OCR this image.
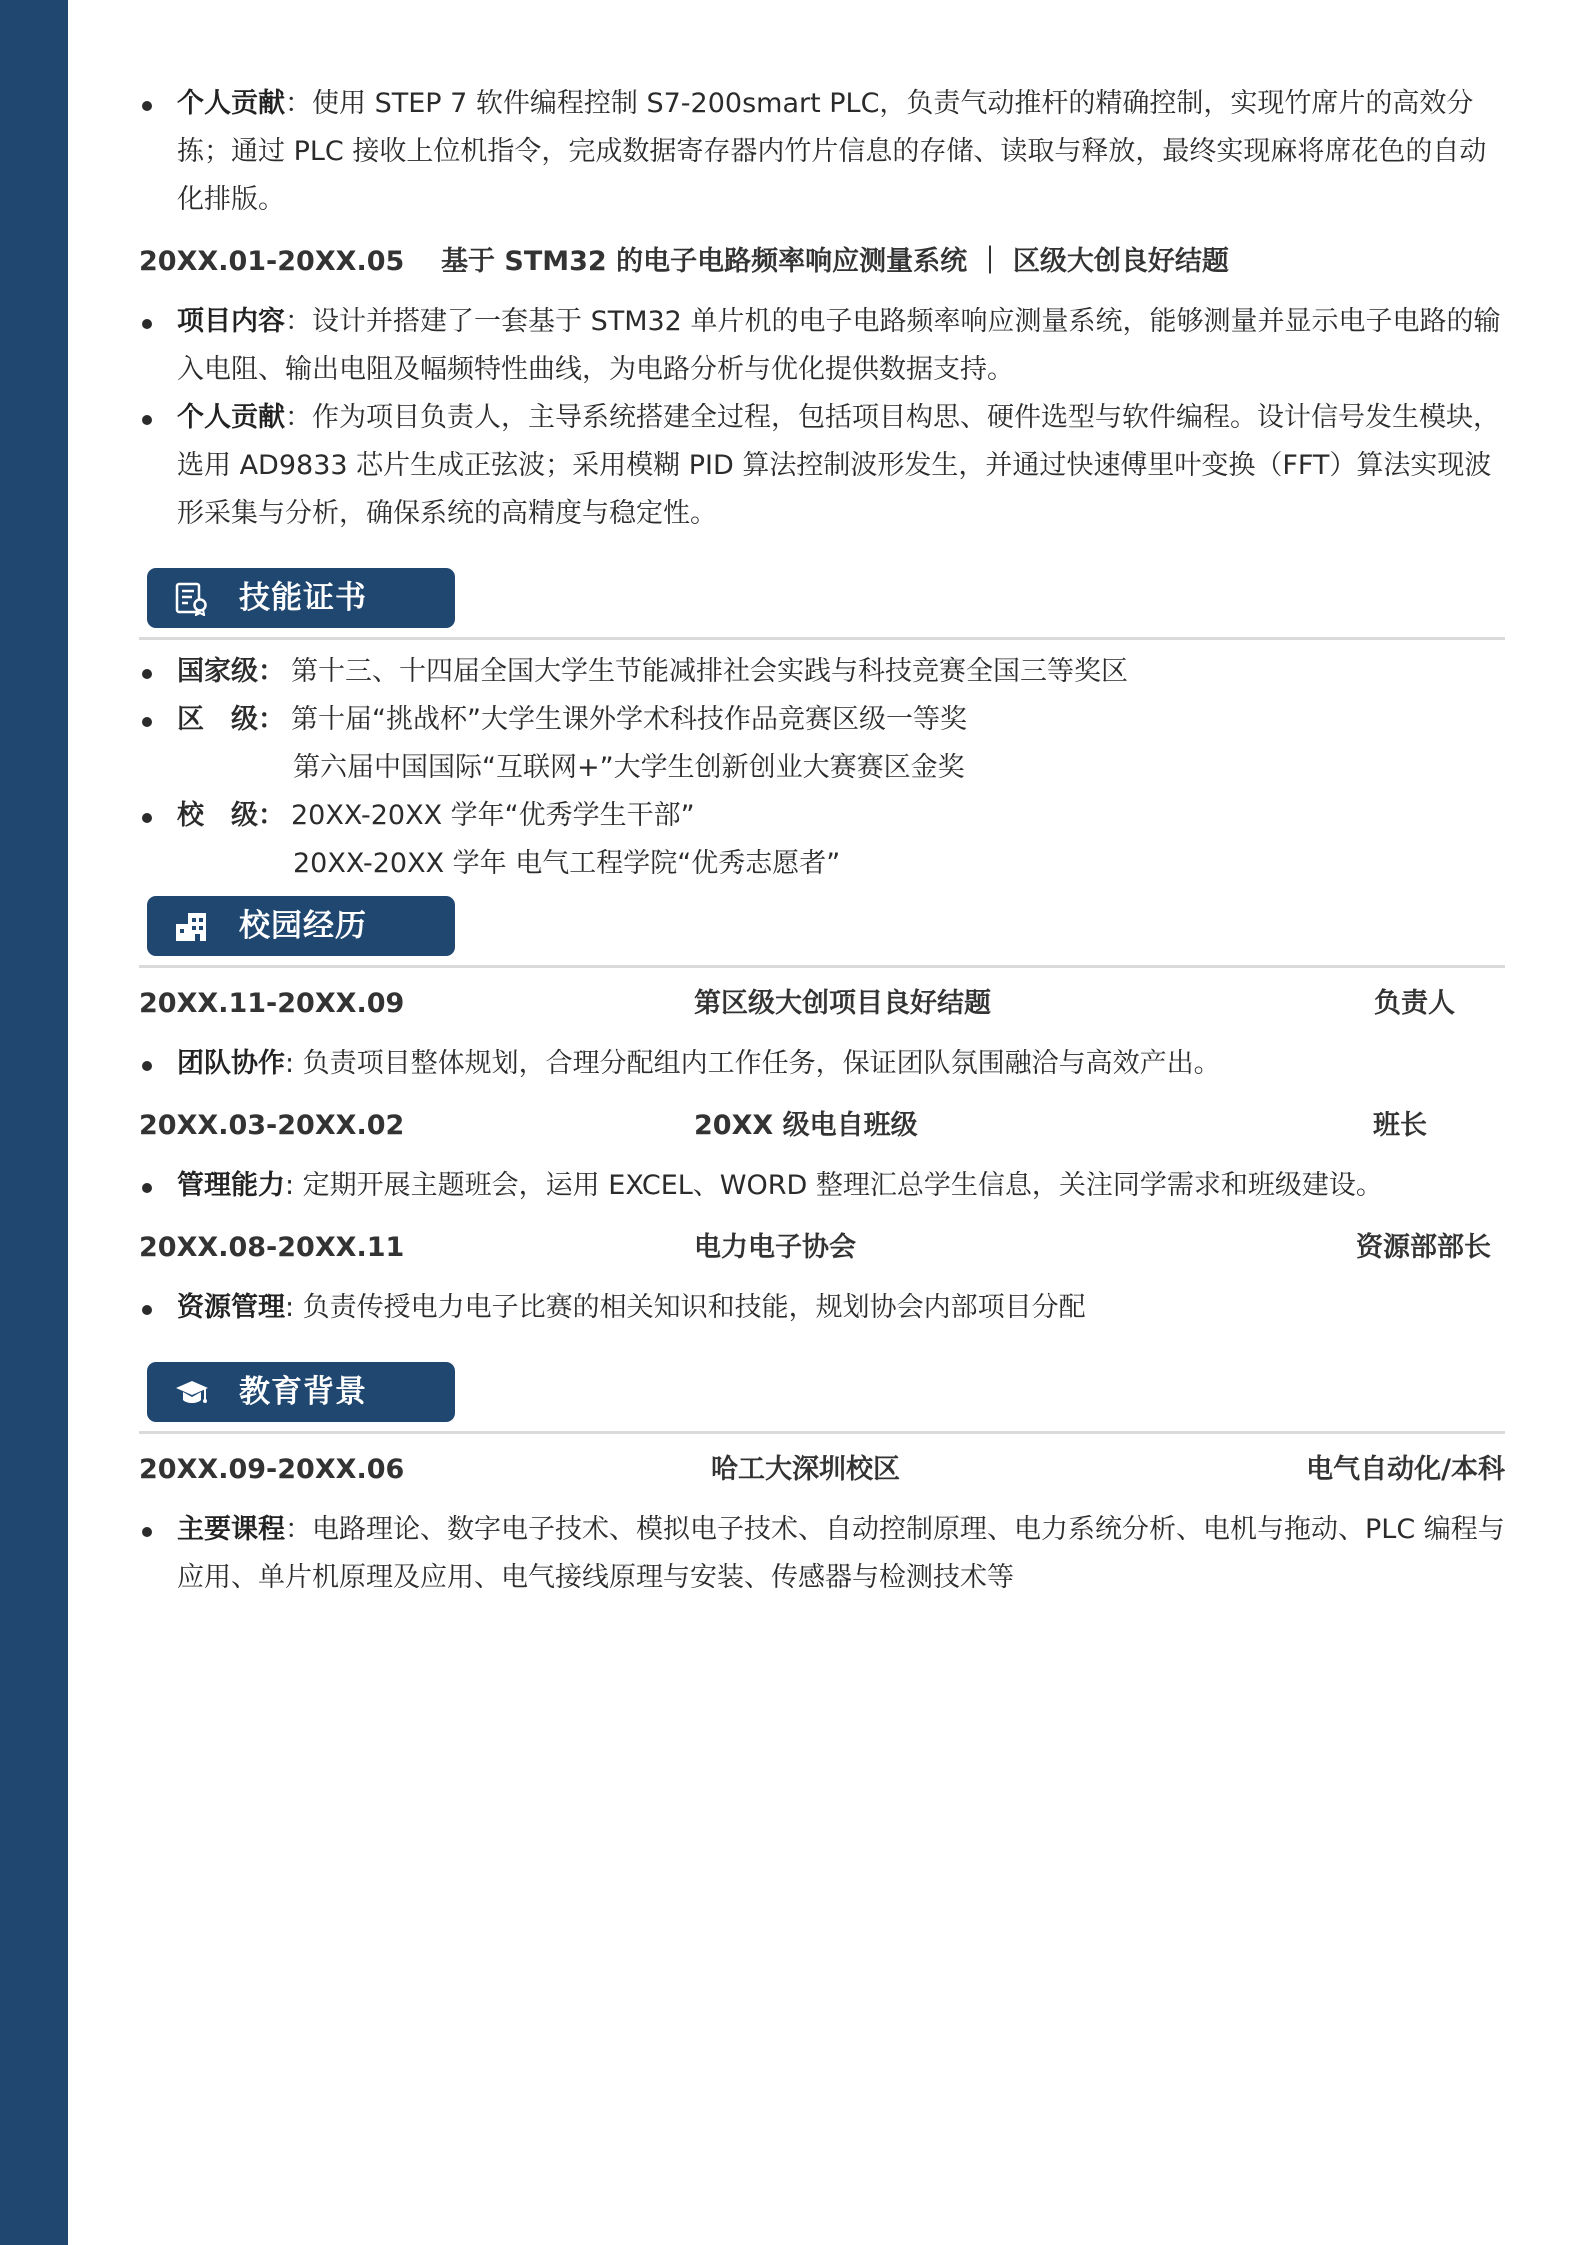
个人贡献：使用 STEP 7 软件编程控制 S7-200smart PLC，负责气动推杆的精确控制，实现竹席片的高效分拣；通过 PLC 接收上位机指令，完成数据寄存器内竹片信息的存储、读取与释放，最终实现麻将席花色的自动化排版。

20XX.01-20XX.05 基于 STM32 的电子电路频率响应测量系统 ｜ 区级大创良好结题

项目内容：设计并搭建了一套基于 STM32 单片机的电子电路频率响应测量系统，能够测量并显示电子电路的输入电阻、输出电阻及幅频特性曲线，为电路分析与优化提供数据支持。

个人贡献：作为项目负责人，主导系统搭建全过程，包括项目构思、硬件选型与软件编程。设计信号发生模块，选用 AD9833 芯片生成正弦波；采用模糊 PID 算法控制波形发生，并通过快速傅里叶变换（FFT）算法实现波形采集与分析，确保系统的高精度与稳定性。

技能证书
国家级： 第十三、十四届全国大学生节能减排社会实践与科技竞赛全国三等奖区
区　级： 第十届“挑战杯”大学生课外学术科技作品竞赛区级一等奖
第六届中国国际“互联网+”大学生创新创业大赛赛区金奖
校　级： 20XX-20XX 学年“优秀学生干部”
20XX-20XX 学年 电气工程学院“优秀志愿者”
校园经历
20XX.11-20XX.09	第区级大创项目良好结题	负责人

团队协作: 负责项目整体规划，合理分配组内工作任务，保证团队氛围融洽与高效产出。

20XX.03-20XX.02	20XX 级电自班级	班长

管理能力: 定期开展主题班会，运用 EXCEL、WORD 整理汇总学生信息，关注同学需求和班级建设。

20XX.08-20XX.11	电力电子协会	资源部部长

资源管理: 负责传授电力电子比赛的相关知识和技能，规划协会内部项目分配

教育背景
20XX.09-20XX.06	哈工大深圳校区	电气自动化/本科

主要课程：电路理论、数字电子技术、模拟电子技术、自动控制原理、电力系统分析、电机与拖动、PLC 编程与应用、单片机原理及应用、电气接线原理与安装、传感器与检测技术等
